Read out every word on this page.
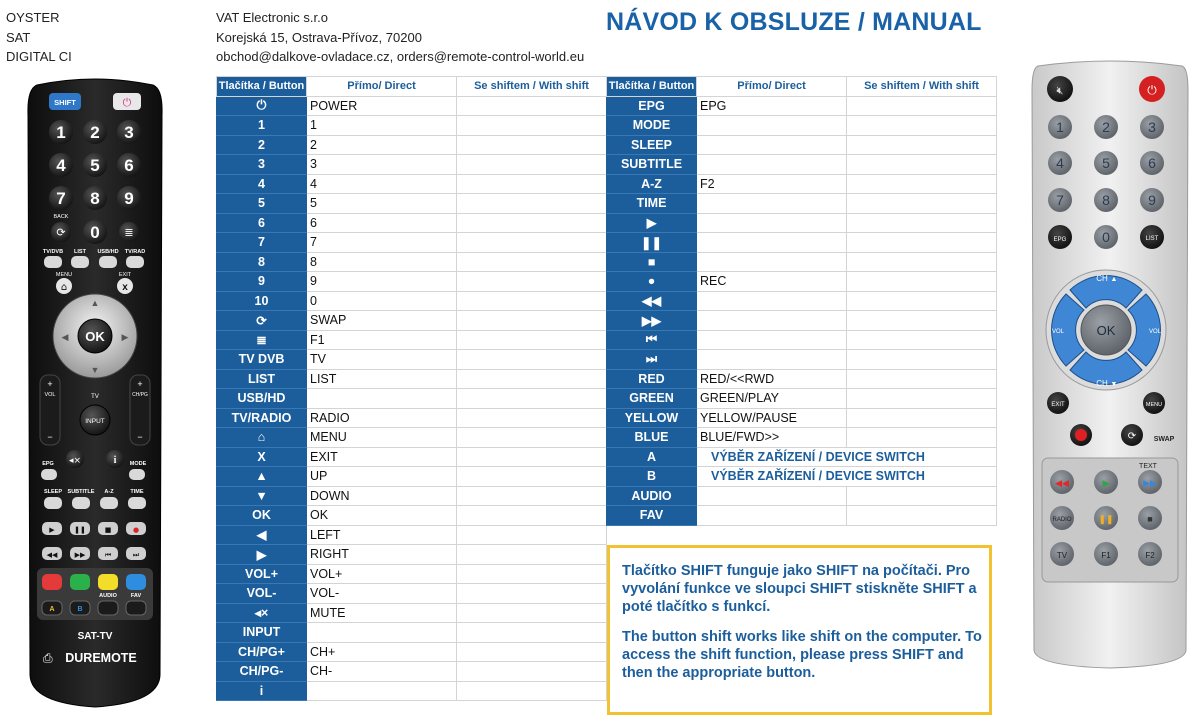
OYSTER
SAT
DIGITAL CI
VAT Electronic s.r.o
Korejská 15, Ostrava-Přívoz, 70200
obchod@dalkove-ovladace.cz, orders@remote-control-world.eu
NÁVOD K OBSLUZE / MANUAL
Tlačítka / Button	Přímo/ Direct	Se shiftem / With shift
⏻	POWER	
1	1	
2	2	
3	3	
4	4	
5	5	
6	6	
7	7	
8	8	
9	9	
10	0	
⟳	SWAP	
≣	F1	
TV DVB	TV	
LIST	LIST	
USB/HD		
TV/RADIO	RADIO	
⌂	MENU	
X	EXIT	
▲	UP	
▼	DOWN	
OK	OK	
◀	LEFT	
▶	RIGHT	
VOL+	VOL+	
VOL-	VOL-	
◂×	MUTE	
INPUT		
CH/PG+	CH+	
CH/PG-	CH-	
i		
Tlačítka / Button	Přímo/ Direct	Se shiftem / With shift
EPG	EPG	
MODE		
SLEEP		
SUBTITLE		
A-Z	F2	
TIME		
▶		
❚❚		
■		
●	REC	
◀◀		
▶▶		
⏮		
⏭		
RED	RED/<<RWD	
GREEN	GREEN/PLAY	
YELLOW	YELLOW/PAUSE	
BLUE	BLUE/FWD>>	
A	VÝBĚR ZAŘÍZENÍ / DEVICE SWITCH	
B	VÝBĚR ZAŘÍZENÍ / DEVICE SWITCH	
AUDIO		
FAV		

Tlačítko SHIFT funguje jako SHIFT na počítači. Pro vyvolání funkce ve sloupci SHIFT stiskněte SHIFT a poté tlačítko s funkcí.

The button shift works like shift on the computer. To access the shift function, please press SHIFT and then the appropriate button.

SHIFT	⏻
1 2 3
4 5 6
7 8 9
0
⟳	≣
BACK
TV/DVB LIST USB/HD TV/RAD
MENU	EXIT
⌂	x
OK
▲
▼
◀	▶
+
VOL
−
+
CH/PG
−
TV
INPUT
◂×	i
EPG	MODE
SLEEP SUBTITLE A-Z	TIME
▶	❚❚	■	●
◀◀ ▶▶	⏮	⏭
AUDIO	FAV
A	B
SAT-TV
⎙ DUREMOTE
🔇︎	⏻
1	2	3
4	5	6
7	8	9
0
EPG	LIST
CH ▲
CH ▼
VOL	VOL
OK
EXIT	MENU
⟳ SWAP
TEXT
◀◀	▶	▶▶
RADIO	❚❚	■
TV	F1	F2
